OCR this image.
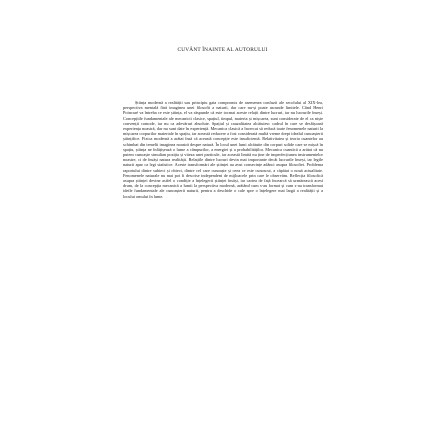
CUVÂNT ÎNAINTE AL AUTORULUI

Știința modernă a realității sau principiu gata compromis de asemenea confuzii ale secolului al XIX-lea, perspectiva mentală fără imaginea unei filosofii a naturii, dar care nu-și poate ascunde limitele. Când Henri Poincaré va întreba ce este știința, el va răspunde că este tocmai aceste relații dintre lucruri, iar nu lucrurile înseși. Concepțiile fundamentale ale mecanicii clasice, spațiul, timpul, materia și mișcarea, sunt considerate de el ca niște convenții comode, iar nu ca adevăruri absolute. Spațiul și cauzalitatea alcătuiesc cadrul în care se desfășoară experiența noastră, dar nu sunt date în experiență. Mecanica clasică a încercat să reducă toate fenomenele naturii la mișcarea corpurilor materiale în spațiu, iar această reducere a fost considerată multă vreme drept idealul cunoașterii științifice. Fizica modernă a arătat însă că această concepție este insuficientă. Relativitatea și teoria cuantelor au schimbat din temelii imaginea noastră despre natură. În locul unei lumi alcătuite din corpuri solide care se mișcă în spațiu, știința ne înfățișează o lume a câmpurilor, a energiei și a probabilităților. Mecanica cuantică a arătat că nu putem cunoaște simultan poziția și viteza unei particule, iar această limită nu ține de imperfecțiunea instrumentelor noastre, ci de însăși natura realității. Relațiile dintre lucruri devin mai importante decât lucrurile înseși, iar legile naturii apar ca legi statistice. Aceste transformări ale științei au avut consecințe adânci asupra filosofiei. Problema raportului dintre subiect și obiect, dintre cel care cunoaște și ceea ce este cunoscut, a căpătat o nouă actualitate. Fenomenele naturale nu mai pot fi descrise independent de mijloacele prin care le observăm. Reflecția filosofică asupra științei devine astfel o condiție a înțelegerii științei însăși, iar cartea de față încearcă să urmărească acest drum, de la concepția mecanică a lumii la perspectiva modernă, arătând cum s-au format și cum s-au transformat ideile fundamentale ale cunoașterii naturii, pentru a deschide o cale spre o înțelegere mai largă a realității și a locului omului în lume.
